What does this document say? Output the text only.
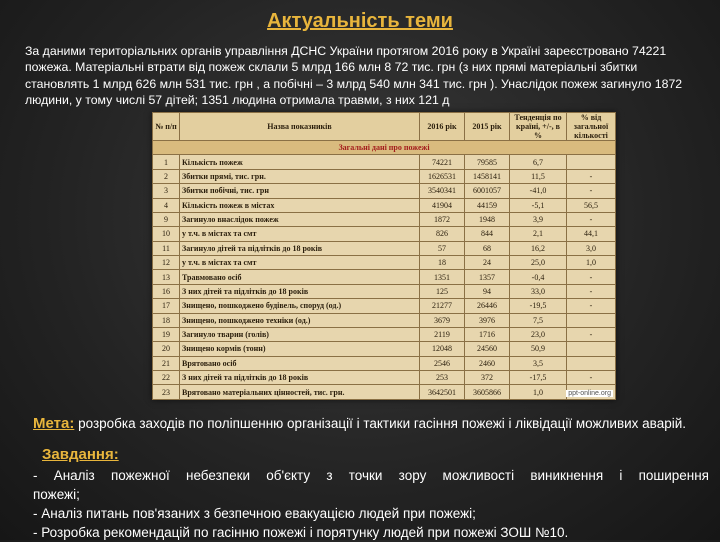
Актуальність теми
За даними територіальних органів управління ДСНС України протягом 2016 року в Україні зареєстровано 74221 пожежа. Матеріальні втрати від пожеж склали 5 млрд 166 млн 8 72 тис. грн (з них прямі матеріальні збитки становлять 1 млрд 626 млн 531 тис. грн , а побічні – 3 млрд 540 млн 341 тис. грн ). Унаслідок пожеж загинуло 1872 людини, у тому числі 57 дітей; 1351 людина отримала травми, з них 121 д
№ п/п	Назва показників	2016 рік	2015 рік	Тенденція по країні, +/-, в %	% від загальної кількості
Загальні дані про пожежі					
1	Кількість пожеж	74221	79585	6,7	
2	Збитки прямі, тис. грн.	1626531	1458141	11,5	-
3	Збитки побічні, тис. грн	3540341	6001057	-41,0	-
4	Кількість пожеж в містах	41904	44159	-5,1	56,5
9	Загинуло внаслідок пожеж	1872	1948	3,9	-
10	у т.ч. в містах та смт	826	844	2,1	44,1
11	Загинуло дітей та підлітків до 18 років	57	68	16,2	3,0
12	у т.ч. в містах та смт	18	24	25,0	1,0
13	Травмовано осіб	1351	1357	-0,4	-
16	З них дітей та підлітків до 18 років	125	94	33,0	-
17	Знищено, пошкоджено будівель, споруд (од.)	21277	26446	-19,5	-
18	Знищено, пошкоджено техніки (од.)	3679	3976	7,5	
19	Загинуло тварин (голів)	2119	1716	23,0	-
20	Знищено кормів (тонн)	12048	24560	50,9	
21	Врятовано осіб	2546	2460	3,5	
22	З них дітей та підлітків до 18 років	253	372	-17,5	-
23	Врятовано матеріальних цінностей, тис. грн.	3642501	3605866	1,0		ppt-online.org
Мета: розробка заходів по поліпшенню організації і тактики гасіння пожежі і ліквідації можливих аварій.
Завдання:
- Аналіз пожежної небезпеки об'єкту з точки зору можливості виникнення і поширення
пожежі;
- Аналіз питань пов'язаних з безпечною евакуацією людей при пожежі;
- Розробка рекомендацій по гасінню пожежі і порятунку людей при пожежі ЗОШ №10.
